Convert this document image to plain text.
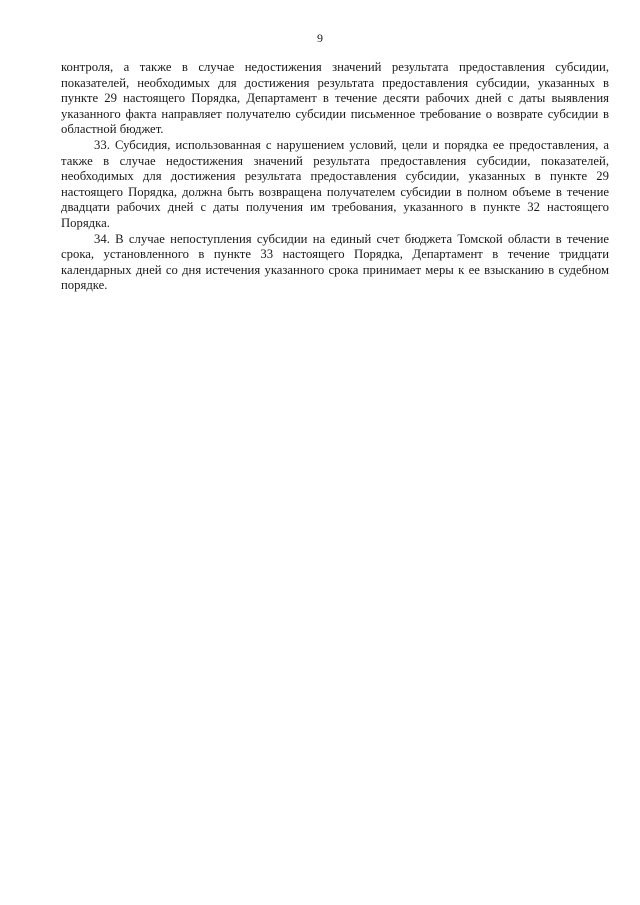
9

контроля, а также в случае недостижения значений результата предоставления субсидии, показателей, необходимых для достижения результата предоставления субсидии, указанных в пункте 29 настоящего Порядка, Департамент в течение десяти рабочих дней с даты выявления указанного факта направляет получателю субсидии письменное требование о возврате субсидии в областной бюджет.

33. Субсидия, использованная с нарушением условий, цели и порядка ее предоставления, а также в случае недостижения значений результата предоставления субсидии, показателей, необходимых для достижения результата предоставления субсидии, указанных в пункте 29 настоящего Порядка, должна быть возвращена получателем субсидии в полном объеме в течение двадцати рабочих дней с даты получения им требования, указанного в пункте 32 настоящего Порядка.

34. В случае непоступления субсидии на единый счет бюджета Томской области в течение срока, установленного в пункте 33 настоящего Порядка, Департамент в течение тридцати календарных дней со дня истечения указанного срока принимает меры к ее взысканию в судебном порядке.
